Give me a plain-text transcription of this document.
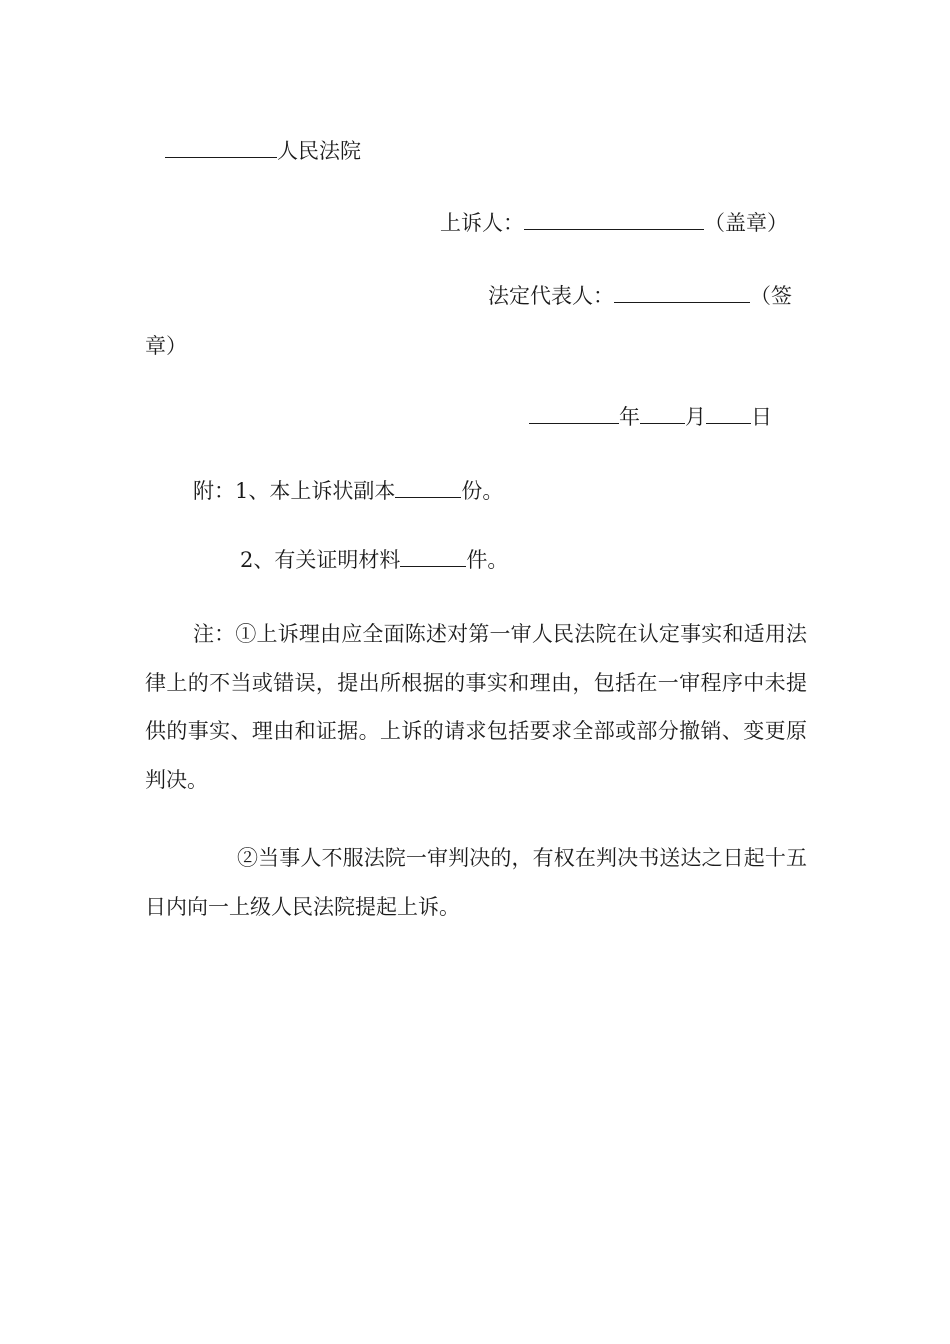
人民法院
上诉人：	（盖章）
法定代表人：	（签
章）
年 月 日
附：1、本上诉状副本	份。
2、有关证明材料	件。
注：①上诉理由应全面陈述对第一审人民法院在认定事实和适用法律上的不当或错误，提出所根据的事实和理由，包括在一审程序中未提供的事实、理由和证据。上诉的请求包括要求全部或部分撤销、变更原判决。
②当事人不服法院一审判决的，有权在判决书送达之日起十五日内向一上级人民法院提起上诉。
